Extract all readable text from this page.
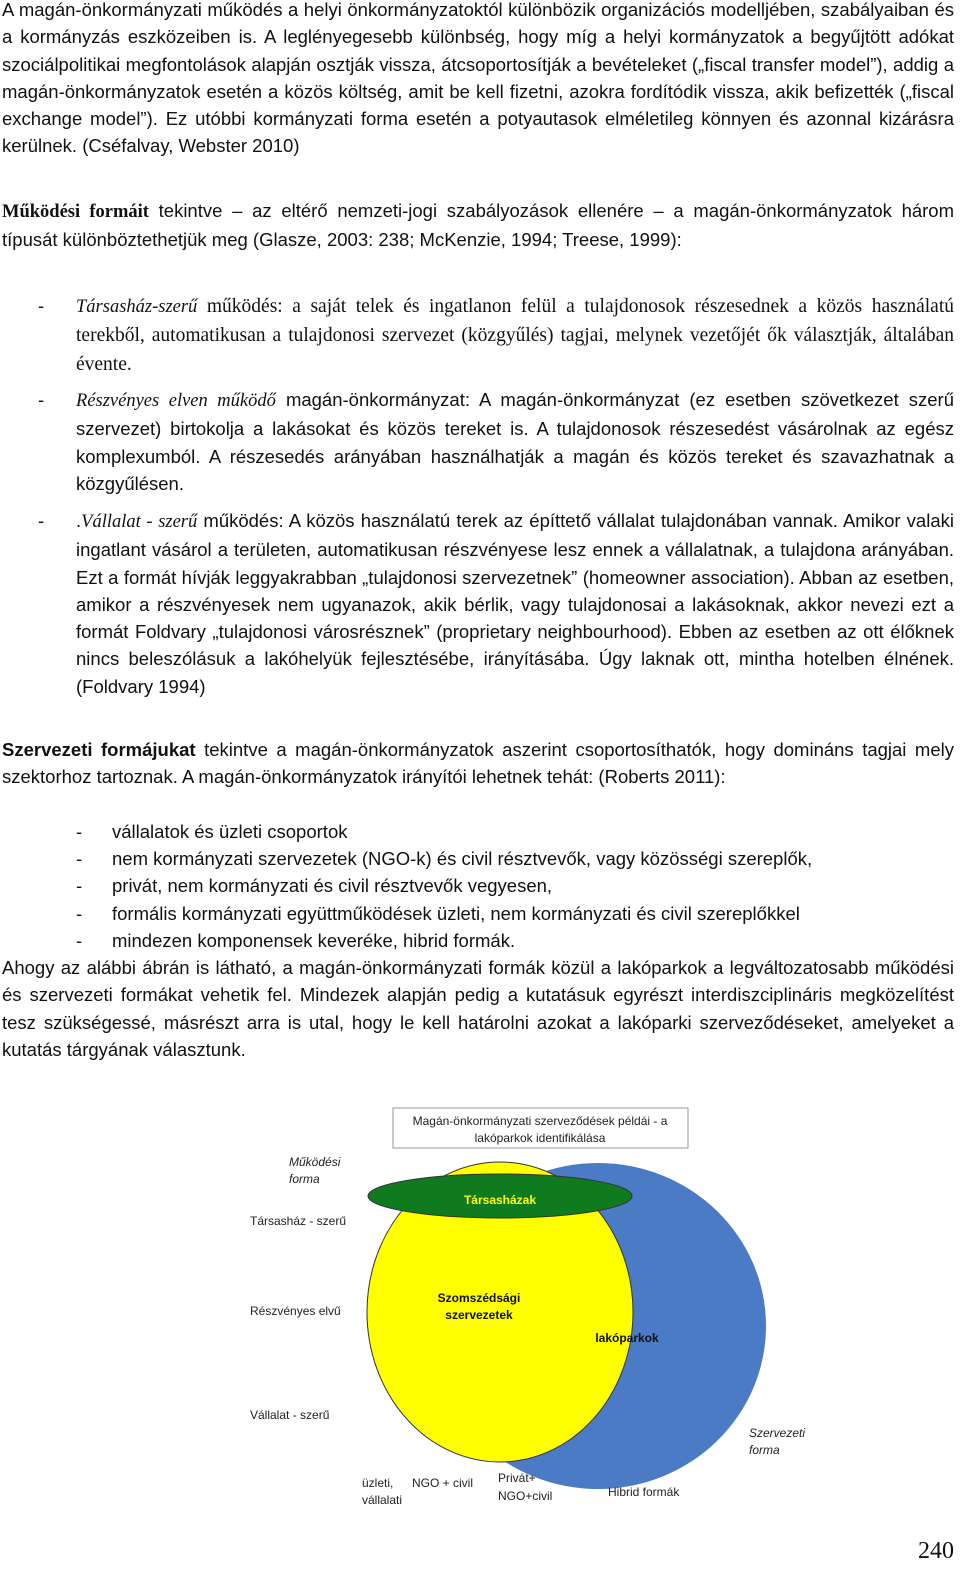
A magán-önkormányzati működés a helyi önkormányzatoktól különbözik organizációs modelljében, szabályaiban és a kormányzás eszközeiben is. A leglényegesebb különbség, hogy míg a helyi kormányzatok a begyűjtött adókat szociálpolitikai megfontolások alapján osztják vissza, átcsoportosítják a bevételeket („fiscal transfer model”), addig a magán-önkormányzatok esetén a közös költség, amit be kell fizetni, azokra fordítódik vissza, akik befizették („fiscal exchange model”). Ez utóbbi kormányzati forma esetén a potyautasok elméletileg könnyen és azonnal kizárásra kerülnek. (Cséfalvay, Webster 2010)

Működési formáit tekintve – az eltérő nemzeti-jogi szabályozások ellenére – a magán-önkormányzatok három típusát különböztethetjük meg (Glasze, 2003: 238; McKenzie, 1994; Treese, 1999):

- Társasház-szerű működés: a saját telek és ingatlanon felül a tulajdonosok részesednek a közös használatú terekből, automatikusan a tulajdonosi szervezet (közgyűlés) tagjai, melynek vezetőjét ők választják, általában évente.

- Részvényes elven működő magán-önkormányzat: A magán-önkormányzat (ez esetben szövetkezet szerű szervezet) birtokolja a lakásokat és közös tereket is. A tulajdonosok részesedést vásárolnak az egész komplexumból. A részesedés arányában használhatják a magán és közös tereket és szavazhatnak a közgyűlésen.

- .Vállalat - szerű működés: A közös használatú terek az építtető vállalat tulajdonában vannak. Amikor valaki ingatlant vásárol a területen, automatikusan részvényese lesz ennek a vállalatnak, a tulajdona arányában. Ezt a formát hívják leggyakrabban „tulajdonosi szervezetnek” (homeowner association). Abban az esetben, amikor a részvényesek nem ugyanazok, akik bérlik, vagy tulajdonosai a lakásoknak, akkor nevezi ezt a formát Foldvary „tulajdonosi városrésznek” (proprietary neighbourhood). Ebben az esetben az ott élőknek nincs beleszólásuk a lakóhelyük fejlesztésébe, irányításába. Úgy laknak ott, mintha hotelben élnének. (Foldvary 1994)

Szervezeti formájukat tekintve a magán-önkormányzatok aszerint csoportosíthatók, hogy domináns tagjai mely szektorhoz tartoznak. A magán-önkormányzatok irányítói lehetnek tehát: (Roberts 2011):

- vállalatok és üzleti csoportok
- nem kormányzati szervezetek (NGO-k) és civil résztvevők, vagy közösségi szereplők,
- privát, nem kormányzati és civil résztvevők vegyesen,
- formális kormányzati együttműködések üzleti, nem kormányzati és civil szereplőkkel
- mindezen komponensek keveréke, hibrid formák.

Ahogy az alábbi ábrán is látható, a magán-önkormányzati formák közül a lakóparkok a legváltozatosabb működési és szervezeti formákat vehetik fel. Mindezek alapján pedig a kutatásuk egyrészt interdiszciplináris megközelítést tesz szükségessé, másrészt arra is utal, hogy le kell határolni azokat a lakóparki szerveződéseket, amelyeket a kutatás tárgyának választunk.

Magán-önkormányzati szerveződések példái - a
lakóparkok identifikálása
Társasházak
Szomszédsági
szervezetek
lakóparkok
Működési
forma
Társasház - szerű
Részvényes elvű
Vállalat - szerű
Szervezeti
forma
üzleti,
vállalati
NGO + civil Privát+
NGO+civil	Hibrid formák
240
